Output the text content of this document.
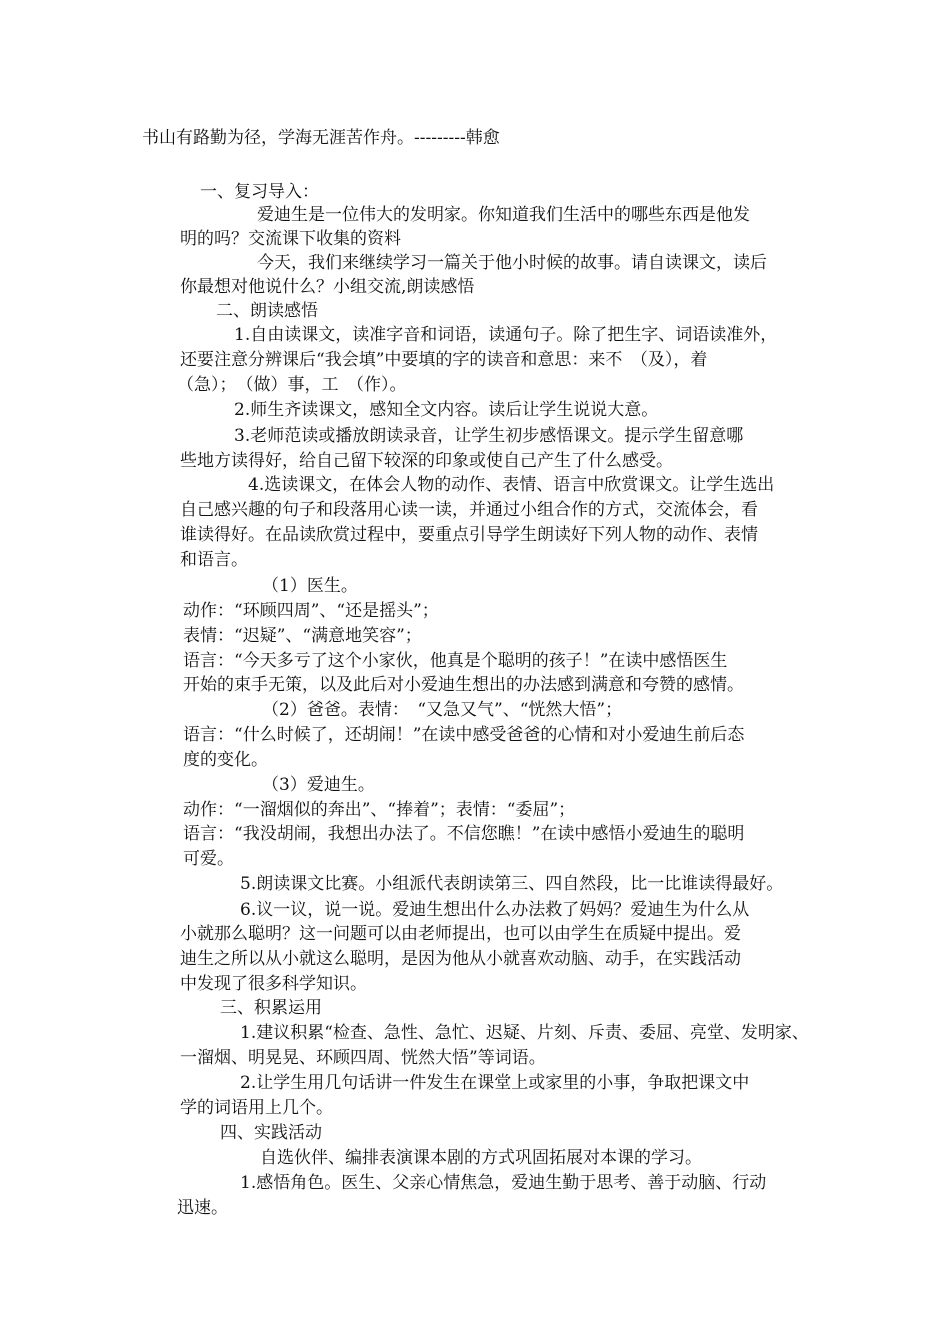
书山有路勤为径，学海无涯苦作舟。---------韩愈
一、复习导入：
爱迪生是一位伟大的发明家。你知道我们生活中的哪些东西是他发
明的吗？交流课下收集的资料
今天，我们来继续学习一篇关于他小时候的故事。请自读课文，读后
你最想对他说什么？小组交流,朗读感悟
二、朗读感悟
1.自由读课文，读准字音和词语，读通句子。除了把生字、词语读准外，
还要注意分辨课后“我会填”中要填的字的读音和意思：来不　（及），着
（急）；　（做）事，工　（作）。
2.师生齐读课文，感知全文内容。读后让学生说说大意。
3.老师范读或播放朗读录音，让学生初步感悟课文。提示学生留意哪
些地方读得好，给自己留下较深的印象或使自己产生了什么感受。
4.选读课文，在体会人物的动作、表情、语言中欣赏课文。让学生选出
自己感兴趣的句子和段落用心读一读，并通过小组合作的方式，交流体会，看
谁读得好。在品读欣赏过程中，要重点引导学生朗读好下列人物的动作、表情
和语言。
（1）医生。
动作：“环顾四周”、“还是摇头”；
表情：“迟疑”、“满意地笑容”；
语言：“今天多亏了这个小家伙，他真是个聪明的孩子！”在读中感悟医生
开始的束手无策，以及此后对小爱迪生想出的办法感到满意和夸赞的感情。
（2）爸爸。表情：　“又急又气”、“恍然大悟”；
语言：“什么时候了，还胡闹！”在读中感受爸爸的心情和对小爱迪生前后态
度的变化。
（3）爱迪生。
动作：“一溜烟似的奔出”、“捧着”；表情：“委屈”；
语言：“我没胡闹，我想出办法了。不信您瞧！”在读中感悟小爱迪生的聪明
可爱。
5.朗读课文比赛。小组派代表朗读第三、四自然段，比一比谁读得最好。
6.议一议，说一说。爱迪生想出什么办法救了妈妈？爱迪生为什么从
小就那么聪明？这一问题可以由老师提出，也可以由学生在质疑中提出。爱
迪生之所以从小就这么聪明，是因为他从小就喜欢动脑、动手，在实践活动
中发现了很多科学知识。
三、积累运用
1.建议积累“检查、急性、急忙、迟疑、片刻、斥责、委屈、亮堂、发明家、
一溜烟、明晃晃、环顾四周、恍然大悟”等词语。
2.让学生用几句话讲一件发生在课堂上或家里的小事，争取把课文中
学的词语用上几个。
四、实践活动
自选伙伴、编排表演课本剧的方式巩固拓展对本课的学习。
1.感悟角色。医生、父亲心情焦急，爱迪生勤于思考、善于动脑、行动
迅速。
